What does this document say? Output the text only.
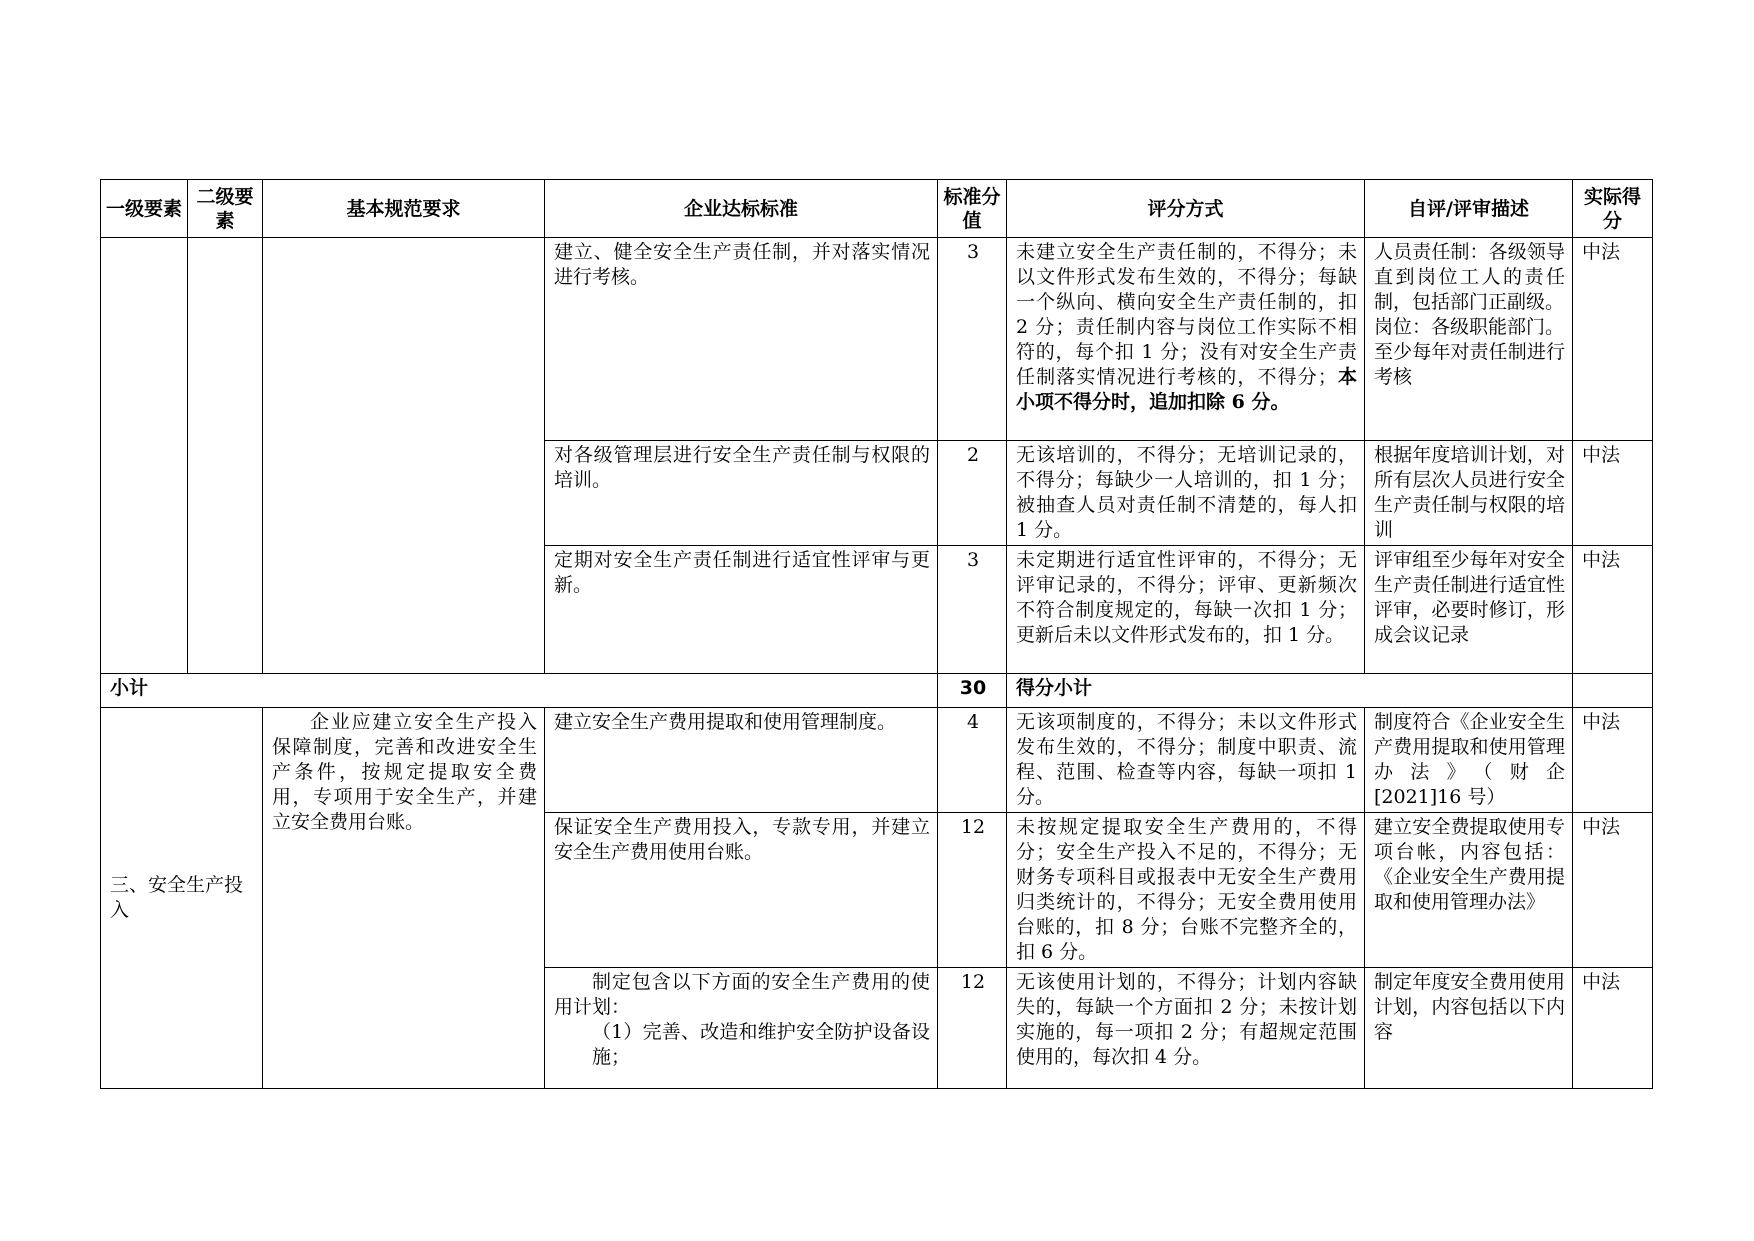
一级要素	二级要素	基本规范要求	企业达标标准	标准分值	评分方式	自评/评审描述	实际得分
			建立、健全安全生产责任制，并对落实情况进行考核。	3	未建立安全生产责任制的，不得分；未以文件形式发布生效的，不得分；每缺一个纵向、横向安全生产责任制的，扣 2 分；责任制内容与岗位工作实际不相符的，每个扣 1 分；没有对安全生产责任制落实情况进行考核的，不得分；本小项不得分时，追加扣除 6 分。	人员责任制：各级领导直到岗位工人的责任制，包括部门正副级。
岗位：各级职能部门。
至少每年对责任制进行考核	中法
			对各级管理层进行安全生产责任制与权限的培训。	2	无该培训的，不得分；无培训记录的，不得分；每缺少一人培训的，扣 1 分；被抽查人员对责任制不清楚的，每人扣 1 分。	根据年度培训计划，对所有层次人员进行安全生产责任制与权限的培训	中法
			定期对安全生产责任制进行适宜性评审与更新。	3	未定期进行适宜性评审的，不得分；无评审记录的，不得分；评审、更新频次不符合制度规定的，每缺一次扣 1 分；更新后未以文件形式发布的，扣 1 分。	评审组至少每年对安全生产责任制进行适宜性评审，必要时修订，形成会议记录	中法
小计				30	得分小计		
三、安全生产投入		企业应建立安全生产投入保障制度，完善和改进安全生产条件，按规定提取安全费用，专项用于安全生产，并建立安全费用台账。	建立安全生产费用提取和使用管理制度。	4	无该项制度的，不得分；未以文件形式发布生效的，不得分；制度中职责、流程、范围、检查等内容，每缺一项扣 1 分。	制度符合《企业安全生产费用提取和使用管理办法》（财企[2021]16 号）	中法
			保证安全生产费用投入，专款专用，并建立安全生产费用使用台账。	12	未按规定提取安全生产费用的，不得分；安全生产投入不足的，不得分；无财务专项科目或报表中无安全生产费用归类统计的，不得分；无安全费用使用台账的，扣 8 分；台账不完整齐全的，扣 6 分。	建立安全费提取使用专项台帐，内容包括：《企业安全生产费用提取和使用管理办法》	中法

			制定包含以下方面的安全生产费用的使用计划：
（1）完善、改造和维护安全防护设备设施；	12	无该使用计划的，不得分；计划内容缺失的，每缺一个方面扣 2 分；未按计划实施的，每一项扣 2 分；有超规定范围使用的，每次扣 4 分。	制定年度安全费用使用计划，内容包括以下内容	中法
